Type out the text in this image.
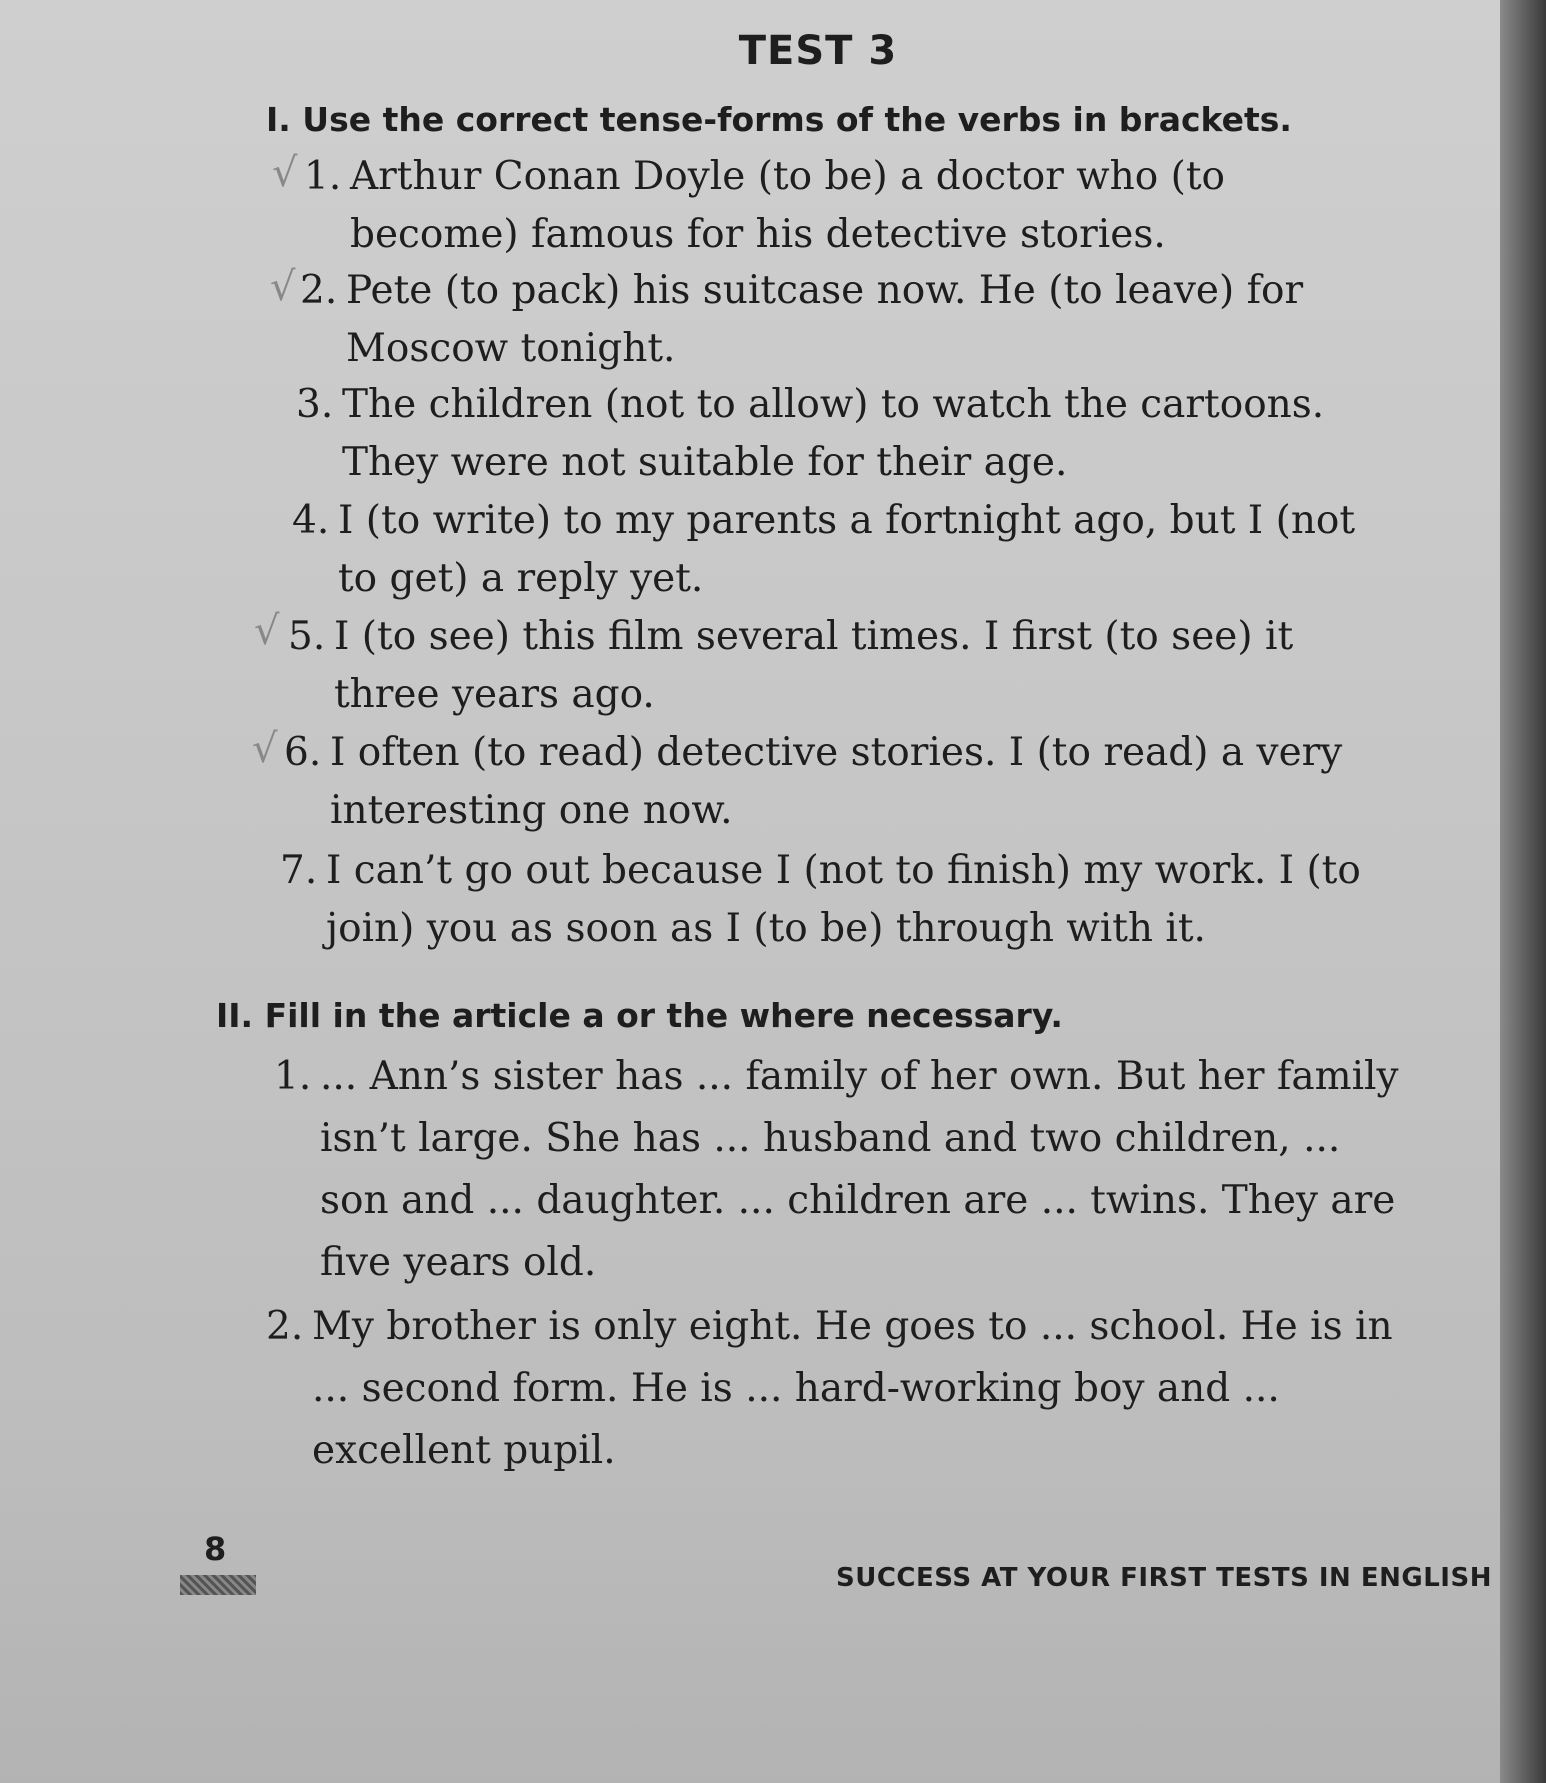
TEST 3
I. Use the correct tense-forms of the verbs in brackets.
√ 1. Arthur Conan Doyle (to be) a doctor who (to become) famous for his detective stories.
√ 2. Pete (to pack) his suitcase now. He (to leave) for Moscow tonight.
3. The children (not to allow) to watch the cartoons. They were not suitable for their age.
4. I (to write) to my parents a fortnight ago, but I (not to get) a reply yet.
√ 5. I (to see) this film several times. I first (to see) it three years ago.
√ 6. I often (to read) detective stories. I (to read) a very interesting one now.
7. I can’t go out because I (not to finish) my work. I (to join) you as soon as I (to be) through with it.
II. Fill in the article a or the where necessary.
1. ... Ann’s sister has ... family of her own. But her family isn’t large. She has ... husband and two children, ... son and ... daughter. ... children are ... twins. They are five years old.
2. My brother is only eight. He goes to ... school. He is in ... second form. He is ... hard-working boy and ... excellent pupil.
8
SUCCESS AT YOUR FIRST TESTS IN ENGLISH
